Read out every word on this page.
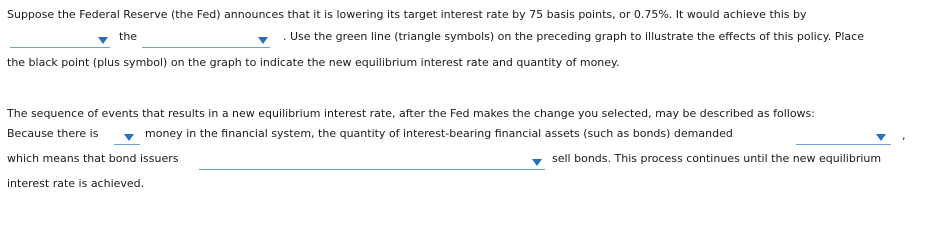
Suppose the Federal Reserve (the Fed) announces that it is lowering its target interest rate by 75 basis points, or 0.75%. It would achieve this by
the	. Use the green line (triangle symbols) on the preceding graph to illustrate the effects of this policy. Place
the black point (plus symbol) on the graph to indicate the new equilibrium interest rate and quantity of money.
The sequence of events that results in a new equilibrium interest rate, after the Fed makes the change you selected, may be described as follows:
Because there is	money in the financial system, the quantity of interest-bearing financial assets (such as bonds) demanded	,
which means that bond issuers	sell bonds. This process continues until the new equilibrium
interest rate is achieved.
